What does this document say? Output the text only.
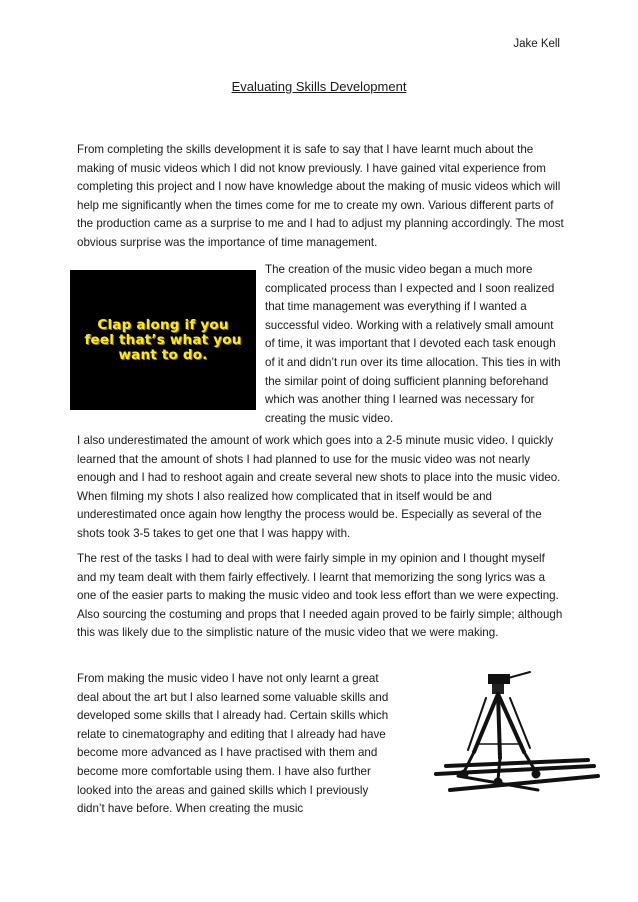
Jake Kell
Evaluating Skills Development

From completing the skills development it is safe to say that I have learnt much about the making of music videos which I did not know previously. I have gained vital experience from completing this project and I now have knowledge about the making of music videos which will help me significantly when the times come for me to create my own. Various different parts of the production came as a surprise to me and I had to adjust my planning accordingly. The most obvious surprise was the importance of time management.

Clap along if you feel that’s what you want to do.

The creation of the music video began a much more complicated process than I expected and I soon realized that time management was everything if I wanted a successful video. Working with a relatively small amount of time, it was important that I devoted each task enough of it and didn’t run over its time allocation. This ties in with the similar point of doing sufficient planning beforehand which was another thing I learned was necessary for creating the music video.

I also underestimated the amount of work which goes into a 2-5 minute music video. I quickly learned that the amount of shots I had planned to use for the music video was not nearly enough and I had to reshoot again and create several new shots to place into the music video. When filming my shots I also realized how complicated that in itself would be and underestimated once again how lengthy the process would be. Especially as several of the shots took 3-5 takes to get one that I was happy with.

The rest of the tasks I had to deal with were fairly simple in my opinion and I thought myself and my team dealt with them fairly effectively. I learnt that memorizing the song lyrics was a one of the easier parts to making the music video and took less effort than we were expecting. Also sourcing the costuming and props that I needed again proved to be fairly simple; although this was likely due to the simplistic nature of the music video that we were making.

From making the music video I have not only learnt a great deal about the art but I also learned some valuable skills and developed some skills that I already had. Certain skills which relate to cinematography and editing that I already had have become more advanced as I have practised with them and become more comfortable using them. I have also further looked into the areas and gained skills which I previously didn’t have before. When creating the music
